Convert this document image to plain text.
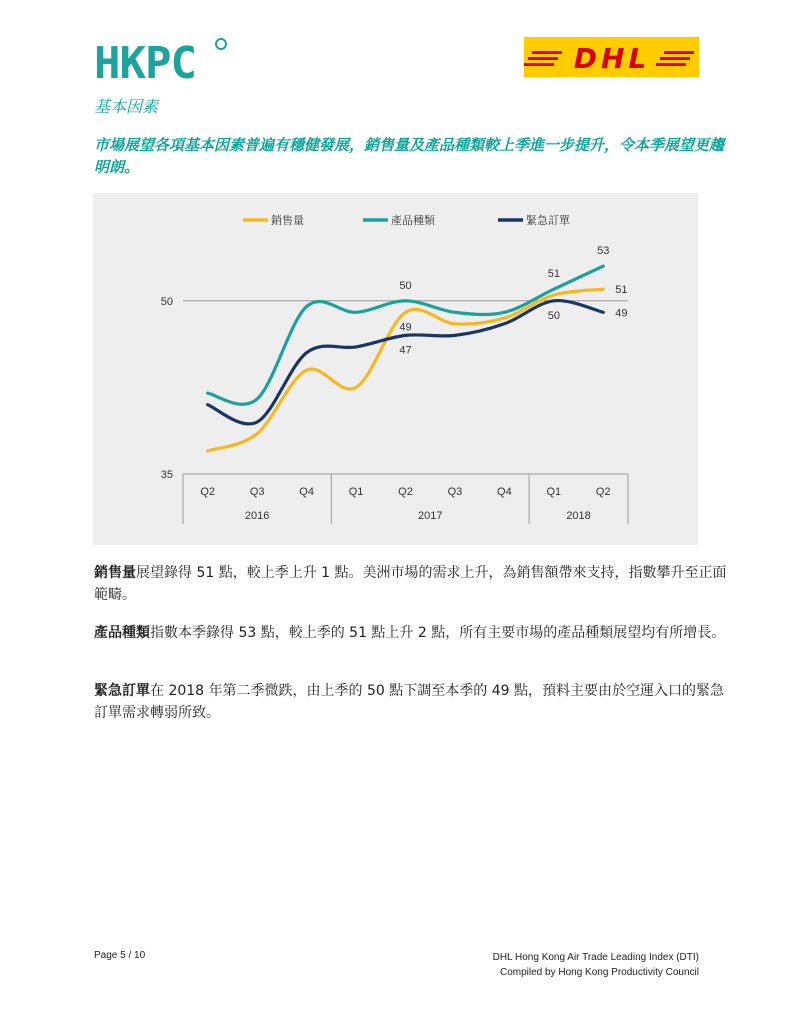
HKPC	DHL
基本因素

市場展望各項基本因素普遍有穩健發展，銷售量及產品種類較上季進一步提升，令本季展望更趨明朗。

35
50
Q2	Q3	Q4	Q1	Q2	Q3	Q4	Q1	Q2
2016	2017	2018
50
49
47
51
50
53
51
49
銷售量	產品種類	緊急訂單

銷售量展望錄得 51 點，較上季上升 1 點。美洲市場的需求上升，為銷售額帶來支持，指數攀升至正面範疇。

產品種類指數本季錄得 53 點，較上季的 51 點上升 2 點，所有主要市場的產品種類展望均有所增長。

緊急訂單在 2018 年第二季微跌，由上季的 50 點下調至本季的 49 點，預料主要由於空運入口的緊急訂單需求轉弱所致。

Page 5 / 10	DHL Hong Kong Air Trade Leading Index (DTI)
Compiled by Hong Kong Productivity Council
